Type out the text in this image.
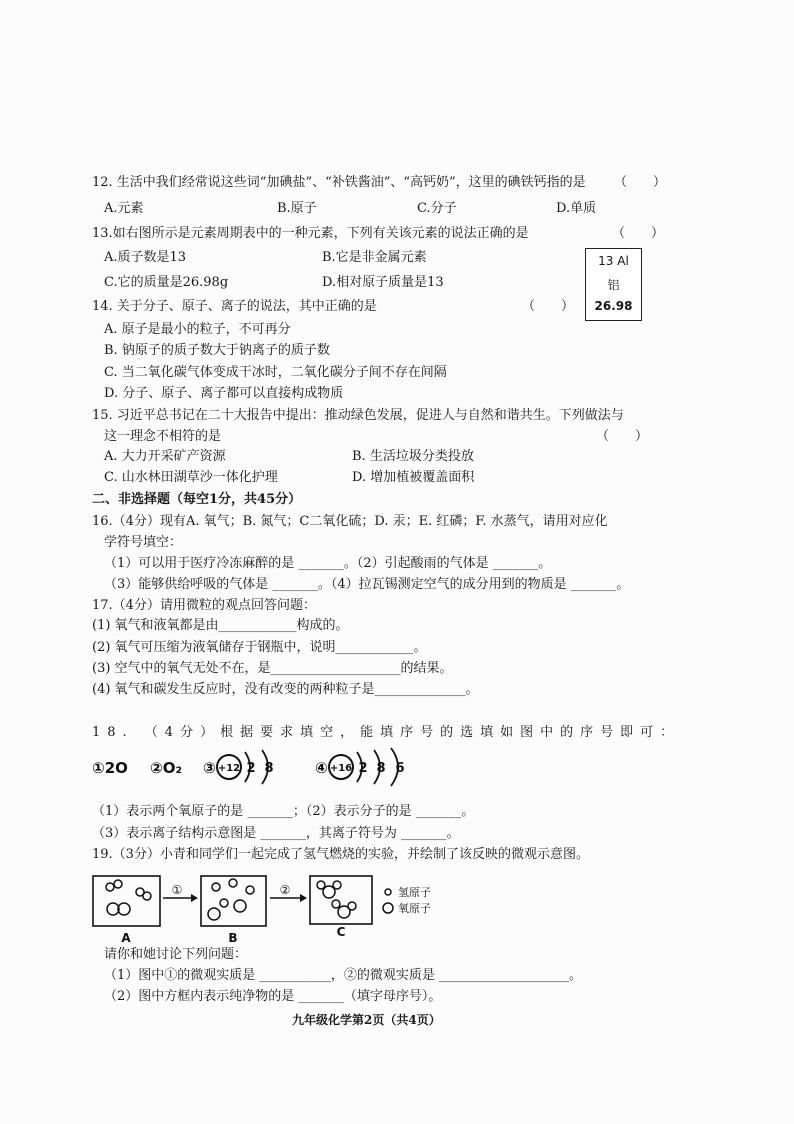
12. 生活中我们经常说这些词“加碘盐”、“补铁酱油”、“高钙奶”，这里的碘铁钙指的是 （　　）
A.元素	B.原子	C.分子	D.单质
13.如右图所示是元素周期表中的一种元素，下列有关该元素的说法正确的是	（　　）
A.质子数是13	B.它是非金属元素
C.它的质量是26.98g	D.相对原子质量是13
13 Al
铝
26.98
14. 关于分子、原子、离子的说法，其中正确的是	（　　）
A. 原子是最小的粒子，不可再分
B. 钠原子的质子数大于钠离子的质子数
C. 当二氧化碳气体变成干冰时，二氧化碳分子间不存在间隔
D. 分子、原子、离子都可以直接构成物质
15. 习近平总书记在二十大报告中提出：推动绿色发展，促进人与自然和谐共生。下列做法与
这一理念不相符的是	（　　）
A. 大力开采矿产资源	B. 生活垃圾分类投放
C. 山水林田湖草沙一体化护理	D. 增加植被覆盖面积
二、非选择题（每空1分，共45分）
16.（4分）现有A. 氧气；B. 氮气；C二氧化硫；D. 汞；E. 红磷；F. 水蒸气，请用对应化
学符号填空：
（1）可以用于医疗冷冻麻醉的是 _______。（2）引起酸雨的气体是 _______。
（3）能够供给呼吸的气体是 _______。（4）拉瓦锡测定空气的成分用到的物质是 _______。
17.（4分）请用微粒的观点回答问题：
(1) 氧气和液氧都是由____________构成的。
(2) 氧气可压缩为液氧储存于钢瓶中，说明____________。
(3) 空气中的氧气无处不在，是____________________的结果。
(4) 氧气和碳发生反应时，没有改变的两种粒子是______________。
18. （4分）根据要求填空，能填序号的选填如图中的序号即可：
①2O ②O₂ ③ +12 2 8	④ +16 2 8 6
（1）表示两个氧原子的是 _______；（2）表示分子的是 _______。
（3）表示离子结构示意图是 _______，其离子符号为 _______。
19.（3分）小青和同学们一起完成了氢气燃烧的实验，并绘制了该反映的微观示意图。
①	②
A	B	C
氢原子
氧原子
请你和她讨论下列问题：
（1）图中①的微观实质是 ___________，②的微观实质是 ____________________。
（2）图中方框内表示纯净物的是 _______（填字母序号）。
九年级化学第2页（共4页）
